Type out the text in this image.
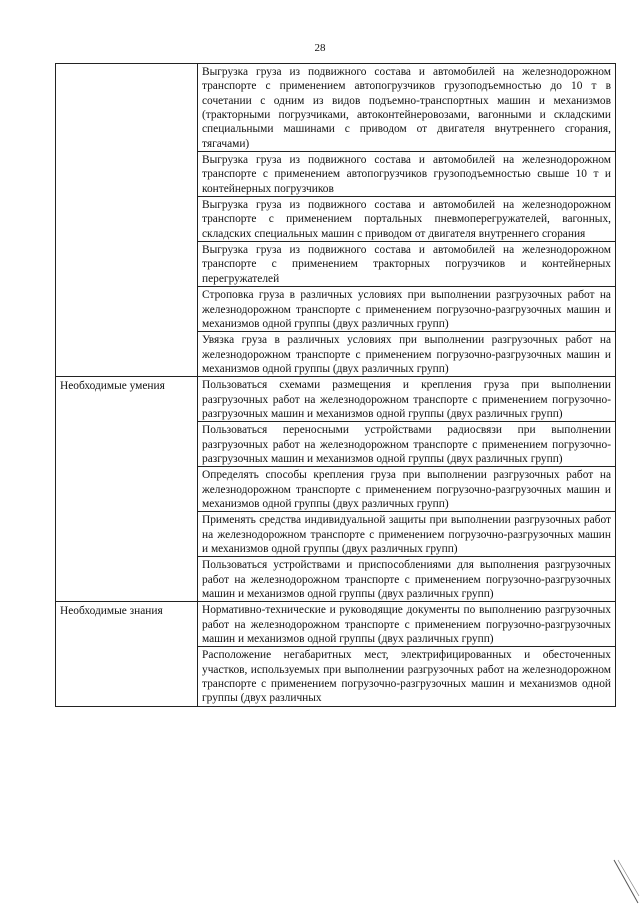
28
	Выгрузка груза из подвижного состава и автомобилей на железнодорожном транспорте с применением автопогрузчиков грузоподъемностью до 10 т в сочетании с одним из видов подъемно-транспортных машин и механизмов (тракторными погрузчиками, автоконтейнеровозами, вагонными и складскими специальными машинами с приводом от двигателя внутреннего сгорания, тягачами)
	Выгрузка груза из подвижного состава и автомобилей на железнодорожном транспорте с применением автопогрузчиков грузоподъемностью свыше 10 т и контейнерных погрузчиков
	Выгрузка груза из подвижного состава и автомобилей на железнодорожном транспорте с применением портальных пневмоперегружателей, вагонных, складских специальных машин с приводом от двигателя внутреннего сгорания
	Выгрузка груза из подвижного состава и автомобилей на железнодорожном транспорте с применением тракторных погрузчиков и контейнерных перегружателей
	Строповка груза в различных условиях при выполнении разгрузочных работ на железнодорожном транспорте с применением погрузочно-разгрузочных машин и механизмов одной группы (двух различных групп)
	Увязка груза в различных условиях при выполнении разгрузочных работ на железнодорожном транспорте с применением погрузочно-разгрузочных машин и механизмов одной группы (двух различных групп)
Необходимые умения	Пользоваться схемами размещения и крепления груза при выполнении разгрузочных работ на железнодорожном транспорте с применением погрузочно-разгрузочных машин и механизмов одной группы (двух различных групп)
	Пользоваться переносными устройствами радиосвязи при выполнении разгрузочных работ на железнодорожном транспорте с применением погрузочно-разгрузочных машин и механизмов одной группы (двух различных групп)
	Определять способы крепления груза при выполнении разгрузочных работ на железнодорожном транспорте с применением погрузочно-разгрузочных машин и механизмов одной группы (двух различных групп)
	Применять средства индивидуальной защиты при выполнении разгрузочных работ на железнодорожном транспорте с применением погрузочно-разгрузочных машин и механизмов одной группы (двух различных групп)
	Пользоваться устройствами и приспособлениями для выполнения разгрузочных работ на железнодорожном транспорте с применением погрузочно-разгрузочных машин и механизмов одной группы (двух различных групп)
Необходимые знания	Нормативно-технические и руководящие документы по выполнению разгрузочных работ на железнодорожном транспорте с применением погрузочно-разгрузочных машин и механизмов одной группы (двух различных групп)
	Расположение негабаритных мест, электрифицированных и обесточенных участков, используемых при выполнении разгрузочных работ на железнодорожном транспорте с применением погрузочно-разгрузочных машин и механизмов одной группы (двух различных
